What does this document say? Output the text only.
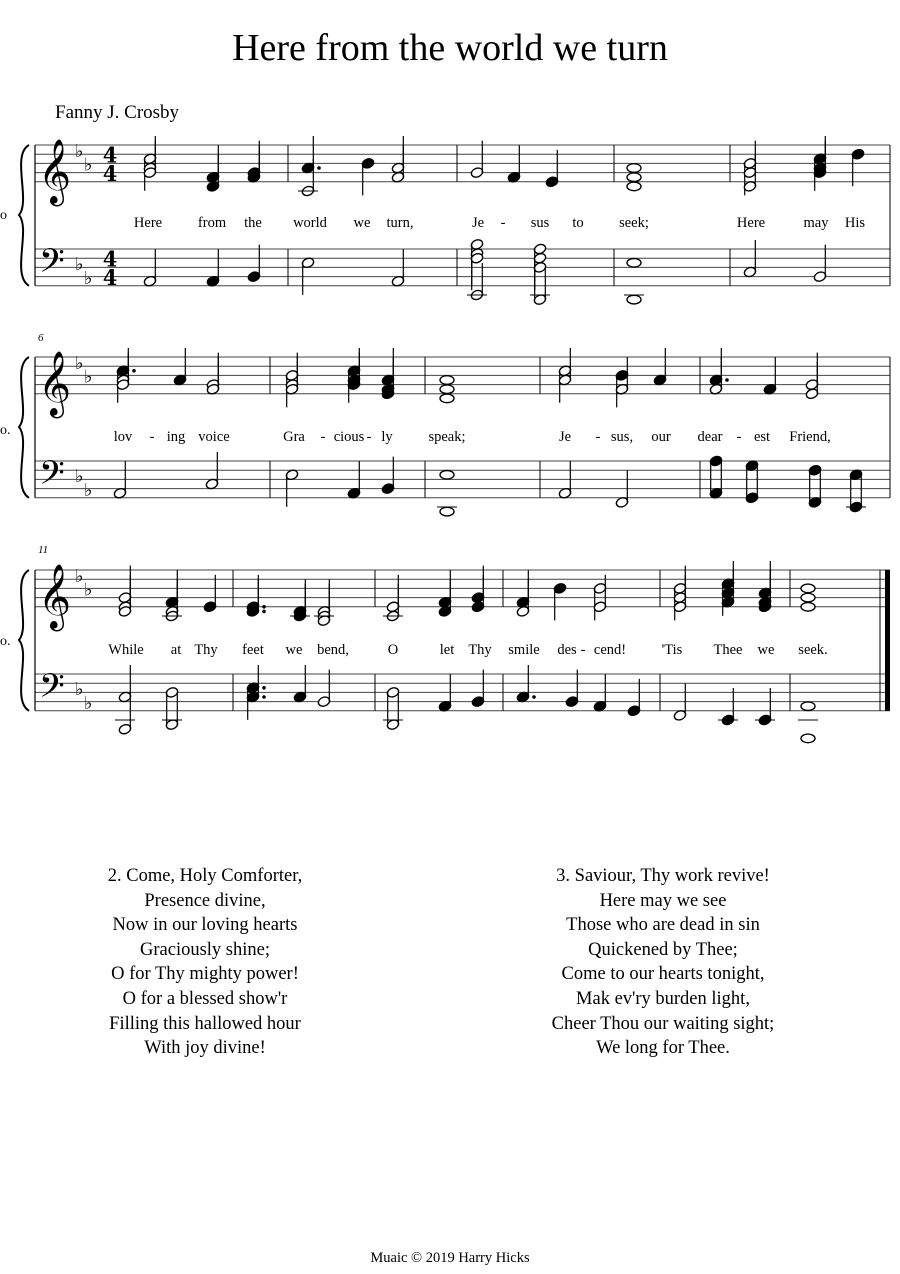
Here from the world we turn
Fanny J. Crosby
o
o.
o.
𝄞
𝄢
♭
♭
♭
♭
4
4
4
4
𝄞
𝄢
♭
♭
♭
♭
𝄞
𝄢
♭
♭
♭
♭
Here from the world we turn,	Je - sus to seek;	Here	may His
lov - ing voice	Gra - cious - ly speak;	Je - sus, our dear - est Friend,
While at Thy feet we bend,	O	let Thy smile des - cend! 'Tis Thee we seek.
6
11
2. Come, Holy Comforter,
Presence divine,
Now in our loving hearts
Graciously shine;
O for Thy mighty power!
O for a blessed show'r
Filling this hallowed hour
With joy divine!
3. Saviour, Thy work revive!
Here may we see
Those who are dead in sin
Quickened by Thee;
Come to our hearts tonight,
Mak ev'ry burden light,
Cheer Thou our waiting sight;
We long for Thee.
Muaic © 2019 Harry Hicks
